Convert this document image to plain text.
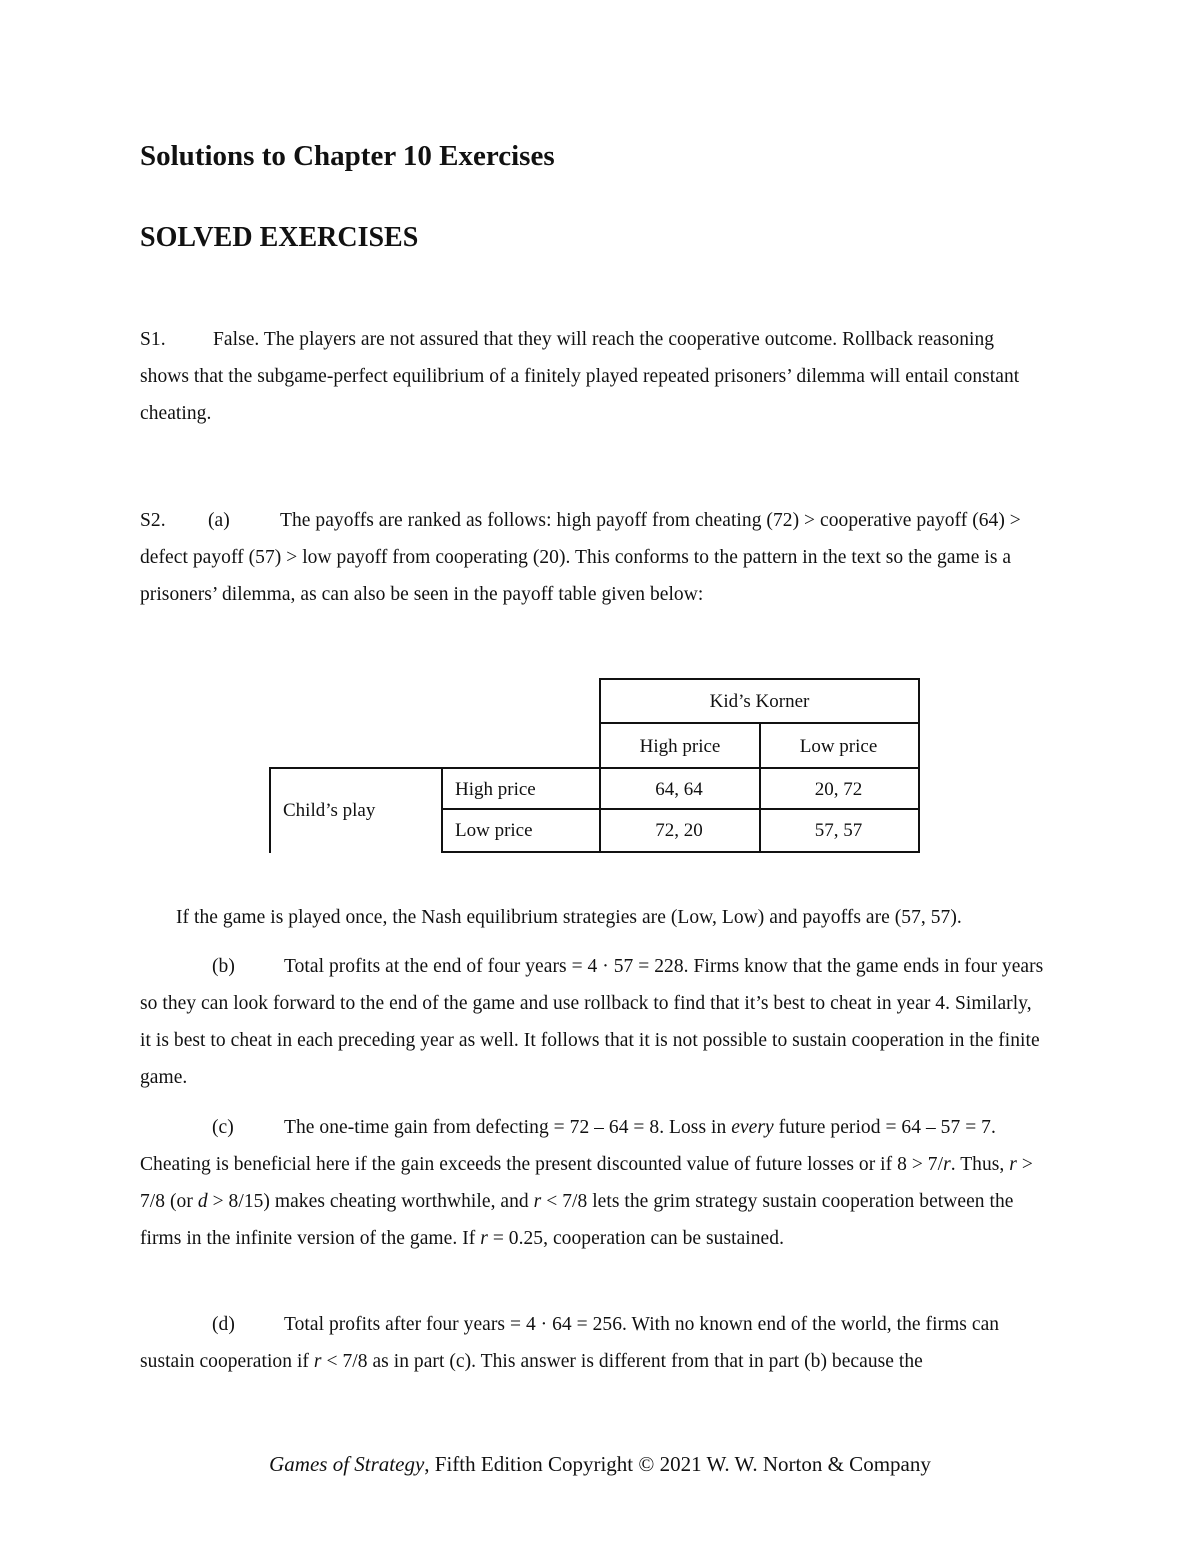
Solutions to Chapter 10 Exercises
SOLVED EXERCISES
S1. False. The players are not assured that they will reach the cooperative outcome. Rollback reasoning shows that the subgame-perfect equilibrium of a finitely played repeated prisoners’ dilemma will entail constant cheating.
S2. (a)	The payoffs are ranked as follows: high payoff from cheating (72) > cooperative payoff (64) > defect payoff (57) > low payoff from cooperating (20). This conforms to the pattern in the text so the game is a prisoners’ dilemma, as can also be seen in the payoff table given below:
Kid’s Korner
High price	Low price
Child’s play
High price	64, 64	20, 72
Low price	72, 20	57, 57

If the game is played once, the Nash equilibrium strategies are (Low, Low) and payoffs are (57, 57).

(b)	Total profits at the end of four years = 4 · 57 = 228. Firms know that the game ends in four years so they can look forward to the end of the game and use rollback to find that it’s best to cheat in year 4. Similarly, it is best to cheat in each preceding year as well. It follows that it is not possible to sustain cooperation in the finite game.

(c)	The one-time gain from defecting = 72 – 64 = 8. Loss in every future period = 64 – 57 = 7. Cheating is beneficial here if the gain exceeds the present discounted value of future losses or if 8 > 7/r. Thus, r > 7/8 (or d > 8/15) makes cheating worthwhile, and r < 7/8 lets the grim strategy sustain cooperation between the firms in the infinite version of the game. If r = 0.25, cooperation can be sustained.

(d)	Total profits after four years = 4 · 64 = 256. With no known end of the world, the firms can sustain cooperation if r < 7/8 as in part (c). This answer is different from that in part (b) because the

Games of Strategy, Fifth Edition Copyright © 2021 W. W. Norton & Company
